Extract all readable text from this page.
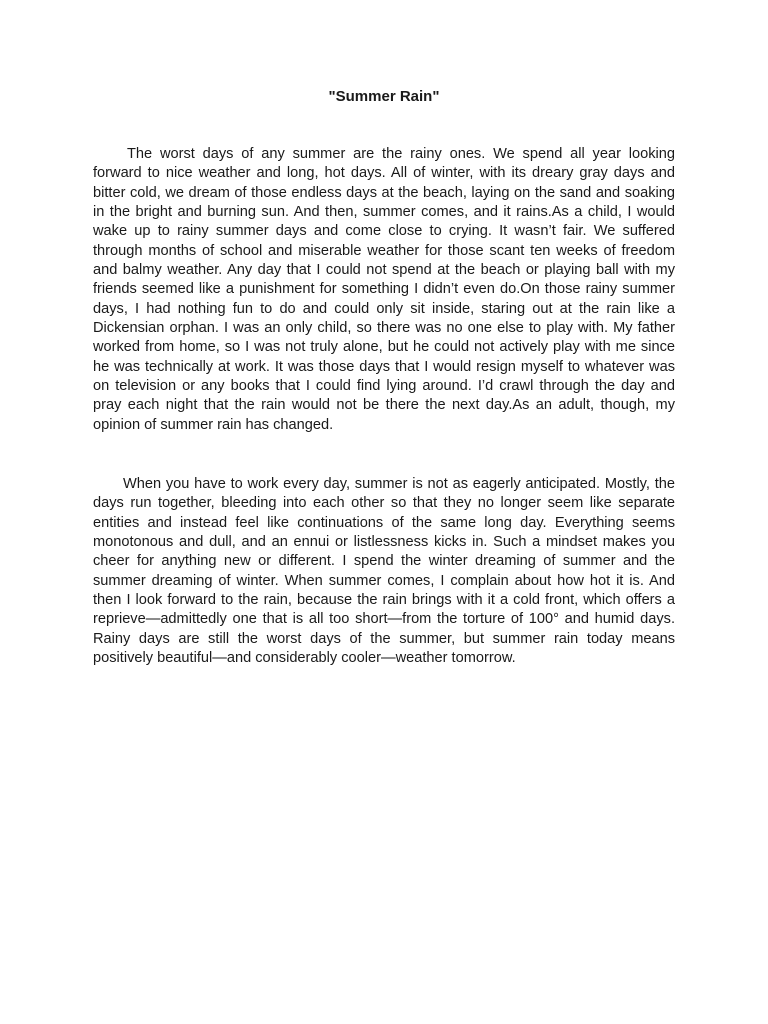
"Summer Rain"

The worst days of any summer are the rainy ones. We spend all year looking forward to nice weather and long, hot days. All of winter, with its dreary gray days and bitter cold, we dream of those endless days at the beach, laying on the sand and soaking in the bright and burning sun. And then, summer comes, and it rains.As a child, I would wake up to rainy summer days and come close to crying. It wasn’t fair. We suffered through months of school and miserable weather for those scant ten weeks of freedom and balmy weather. Any day that I could not spend at the beach or playing ball with my friends seemed like a punishment for something I didn’t even do.On those rainy summer days, I had nothing fun to do and could only sit inside, staring out at the rain like a Dickensian orphan. I was an only child, so there was no one else to play with. My father worked from home, so I was not truly alone, but he could not actively play with me since he was technically at work. It was those days that I would resign myself to whatever was on television or any books that I could find lying around. I’d crawl through the day and pray each night that the rain would not be there the next day.As an adult, though, my opinion of summer rain has changed.

When you have to work every day, summer is not as eagerly anticipated. Mostly, the days run together, bleeding into each other so that they no longer seem like separate entities and instead feel like continuations of the same long day. Everything seems monotonous and dull, and an ennui or listlessness kicks in. Such a mindset makes you cheer for anything new or different. I spend the winter dreaming of summer and the summer dreaming of winter. When summer comes, I complain about how hot it is. And then I look forward to the rain, because the rain brings with it a cold front, which offers a reprieve—admittedly one that is all too short—from the torture of 100° and humid days. Rainy days are still the worst days of the summer, but summer rain today means positively beautiful—and considerably cooler—weather tomorrow.
